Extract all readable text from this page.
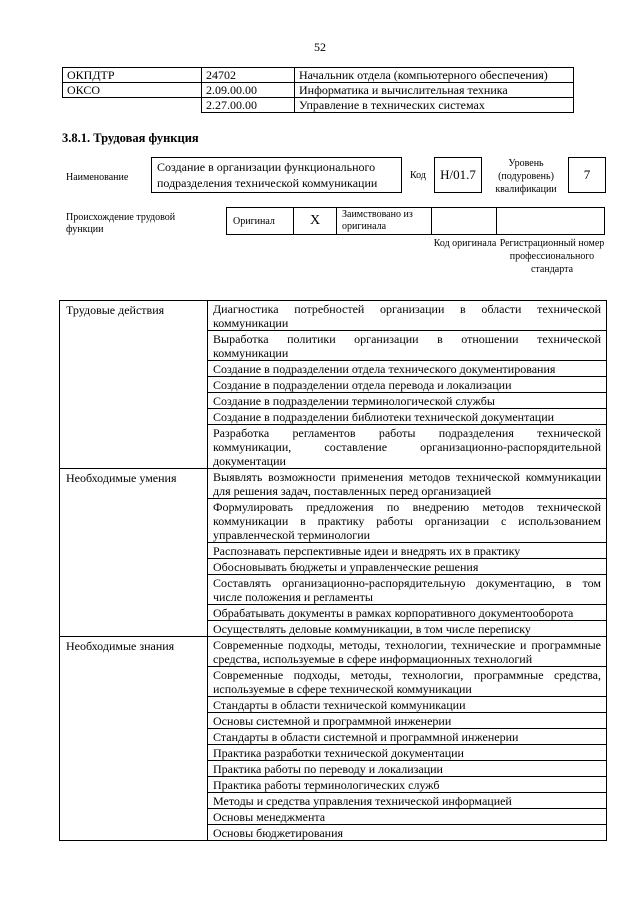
52
ОКПДТР	24702	Начальник отдела (компьютерного обеспечения)
ОКСО	2.09.00.00	Информатика и вычислительная техника
	2.27.00.00	Управление в технических системах
3.8.1. Трудовая функция
Наименование
Создание в организации функционального подразделения технической коммуникации
Код	H/01.7
Уровень (подуровень) квалификации
7
Происхождение трудовой функции
Оригинал	X	Заимствовано из оригинала
Код оригинала Регистрационный номер профессионального стандарта
Трудовые действия	Диагностика потребностей организации в области технической коммуникации
	Выработка политики организации в отношении технической коммуникации
	Создание в подразделении отдела технического документирования
	Создание в подразделении отдела перевода и локализации
	Создание в подразделении терминологической службы
	Создание в подразделении библиотеки технической документации
	Разработка регламентов работы подразделения технической коммуникации, составление организационно-распорядительной документации
Необходимые умения	Выявлять возможности применения методов технической коммуникации для решения задач, поставленных перед организацией
	Формулировать предложения по внедрению методов технической коммуникации в практику работы организации с использованием управленческой терминологии
	Распознавать перспективные идеи и внедрять их в практику
	Обосновывать бюджеты и управленческие решения
	Составлять организационно-распорядительную документацию, в том числе положения и регламенты
	Обрабатывать документы в рамках корпоративного документооборота
	Осуществлять деловые коммуникации, в том числе переписку
Необходимые знания	Современные подходы, методы, технологии, технические и программные средства, используемые в сфере информационных технологий
	Современные подходы, методы, технологии, программные средства, используемые в сфере технической коммуникации
	Стандарты в области технической коммуникации
	Основы системной и программной инженерии
	Стандарты в области системной и программной инженерии
	Практика разработки технической документации
	Практика работы по переводу и локализации
	Практика работы терминологических служб
	Методы и средства управления технической информацией
	Основы менеджмента
	Основы бюджетирования
